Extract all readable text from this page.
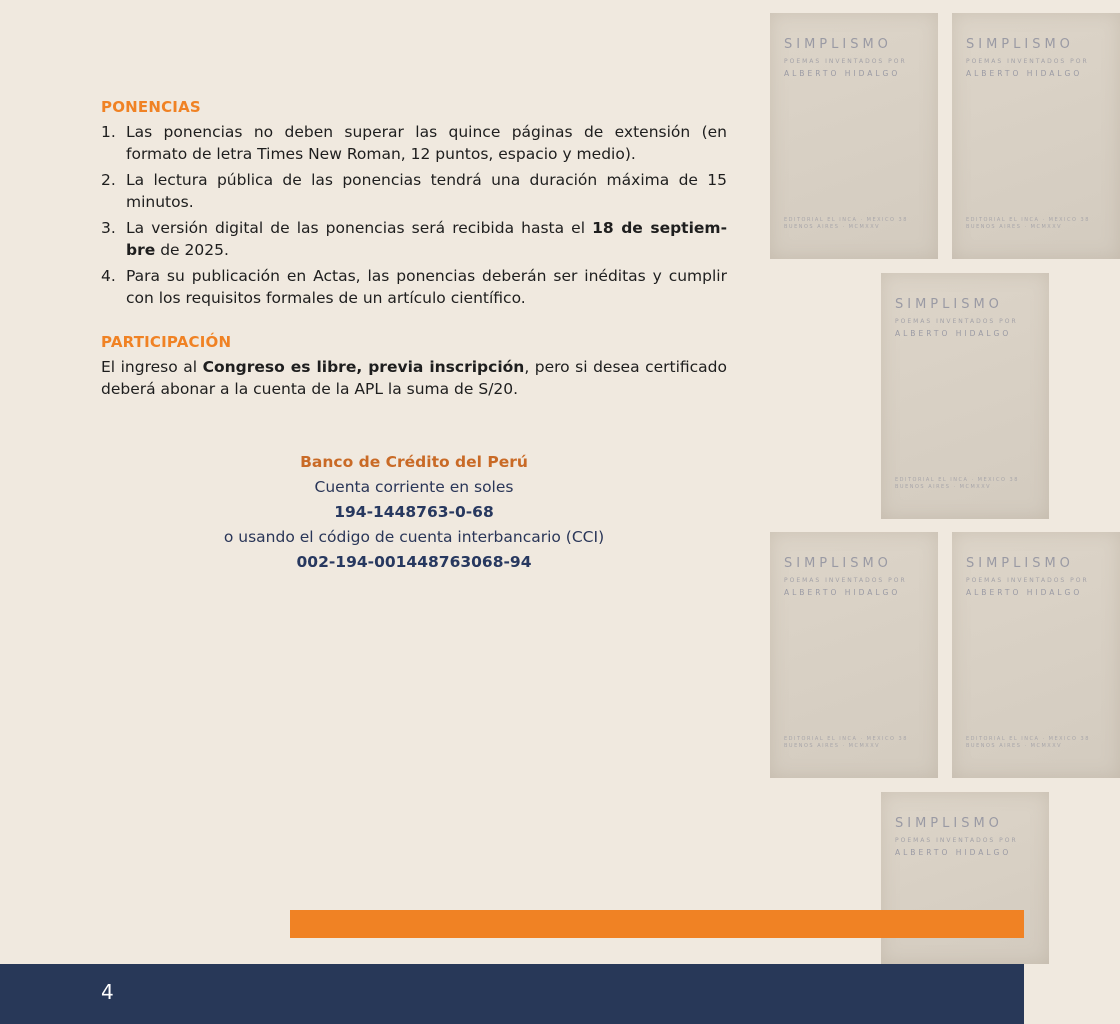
PONENCIAS
1. Las ponencias no deben superar las quince páginas de extensión (en formato de letra Times New Roman, 12 puntos, espacio y medio).
2. La lectura pública de las ponencias tendrá una duración máxima de 15 minutos.
3. La versión digital de las ponencias será recibida hasta el 18 de septiem-bre de 2025.
4. Para su publicación en Actas, las ponencias deberán ser inéditas y cumplir con los requisitos formales de un artículo científico.
PARTICIPACIÓN

El ingreso al Congreso es libre, previa inscripción, pero si desea certificado deberá abonar a la cuenta de la APL la suma de S/20.

Banco de Crédito del Perú
Cuenta corriente en soles
194-1448763-0-68
o usando el código de cuenta interbancario (CCI)
002-194-001448763068-94
SIMPLISMO
POEMAS INVENTADOS POR
ALBERTO HIDALGO
EDITORIAL EL INCA · MEXICO 38
BUENOS AIRES · MCMXXV
SIMPLISMO
POEMAS INVENTADOS POR
ALBERTO HIDALGO
EDITORIAL EL INCA · MEXICO 38
BUENOS AIRES · MCMXXV
SIMPLISMO
POEMAS INVENTADOS POR
ALBERTO HIDALGO
EDITORIAL EL INCA · MEXICO 38
BUENOS AIRES · MCMXXV
SIMPLISMO
POEMAS INVENTADOS POR
ALBERTO HIDALGO
EDITORIAL EL INCA · MEXICO 38
BUENOS AIRES · MCMXXV
SIMPLISMO
POEMAS INVENTADOS POR
ALBERTO HIDALGO
EDITORIAL EL INCA · MEXICO 38
BUENOS AIRES · MCMXXV
SIMPLISMO
POEMAS INVENTADOS POR
ALBERTO HIDALGO
4
